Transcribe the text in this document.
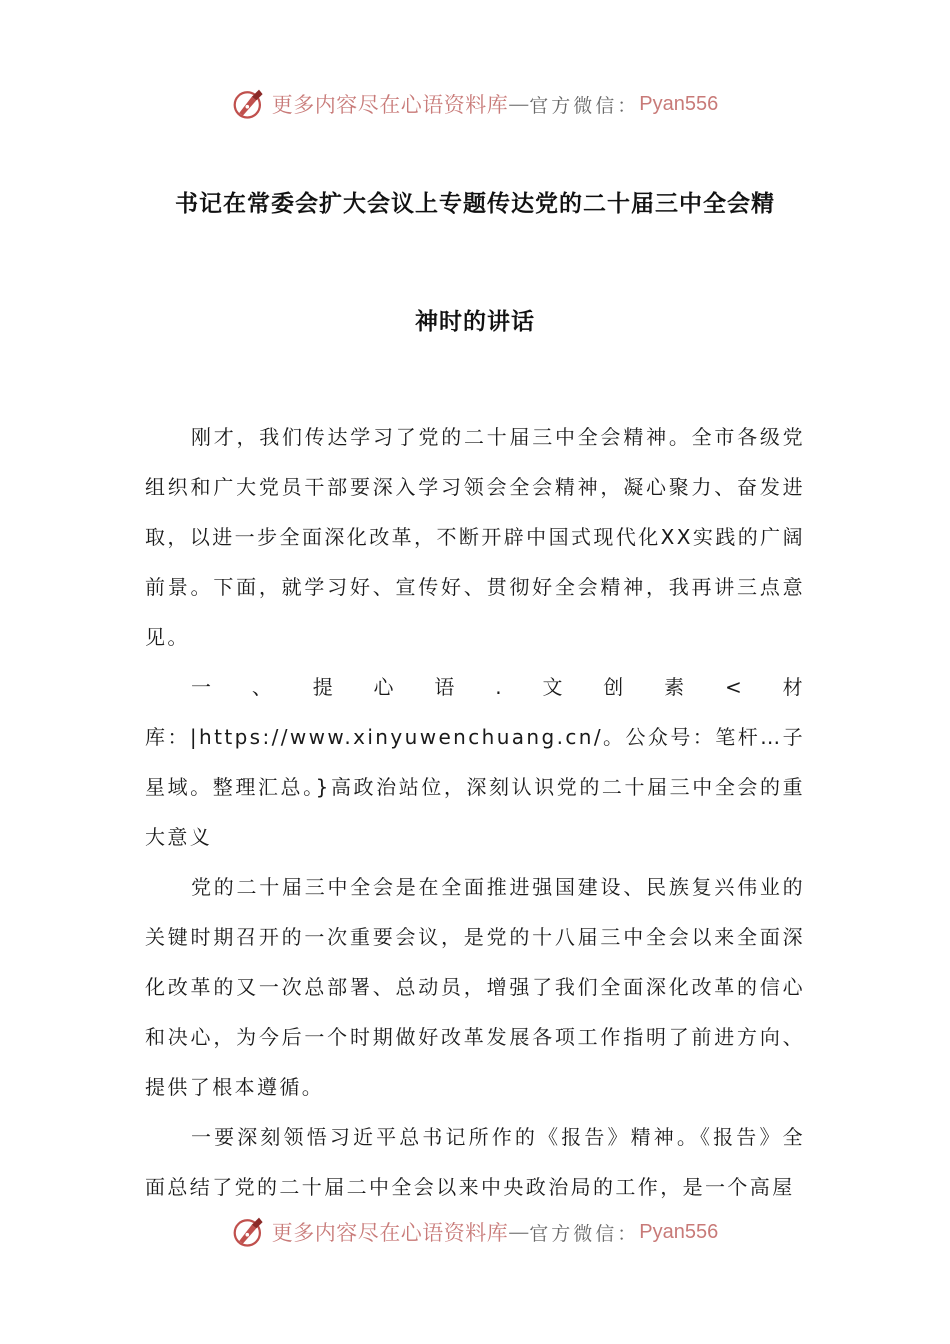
更多内容尽在心语资料库 — 官方微信： Pyan556
书记在常委会扩大会议上专题传达党的二十届三中全会精
神时的讲话

刚才，我们传达学习了党的二十届三中全会精神。全市各级党组织和广大党员干部要深入学习领会全会精神，凝心聚力、奋发进取，以进一步全面深化改革，不断开辟中国式现代化XX实践的广阔前景。下面，就学习好、宣传好、贯彻好全会精神，我再讲三点意见。

一、提心语.文创素<材库：|https://www.xinyuwenchuang.cn/。公众号：笔杆…子星域。整理汇总。}高政治站位，深刻认识党的二十届三中全会的重大意义

党的二十届三中全会是在全面推进强国建设、民族复兴伟业的关键时期召开的一次重要会议，是党的十八届三中全会以来全面深化改革的又一次总部署、总动员，增强了我们全面深化改革的信心和决心，为今后一个时期做好改革发展各项工作指明了前进方向、提供了根本遵循。

一要深刻领悟习近平总书记所作的《报告》精神。《报告》全面总结了党的二十届二中全会以来中央政治局的工作，是一个高屋

更多内容尽在心语资料库 — 官方微信： Pyan556
